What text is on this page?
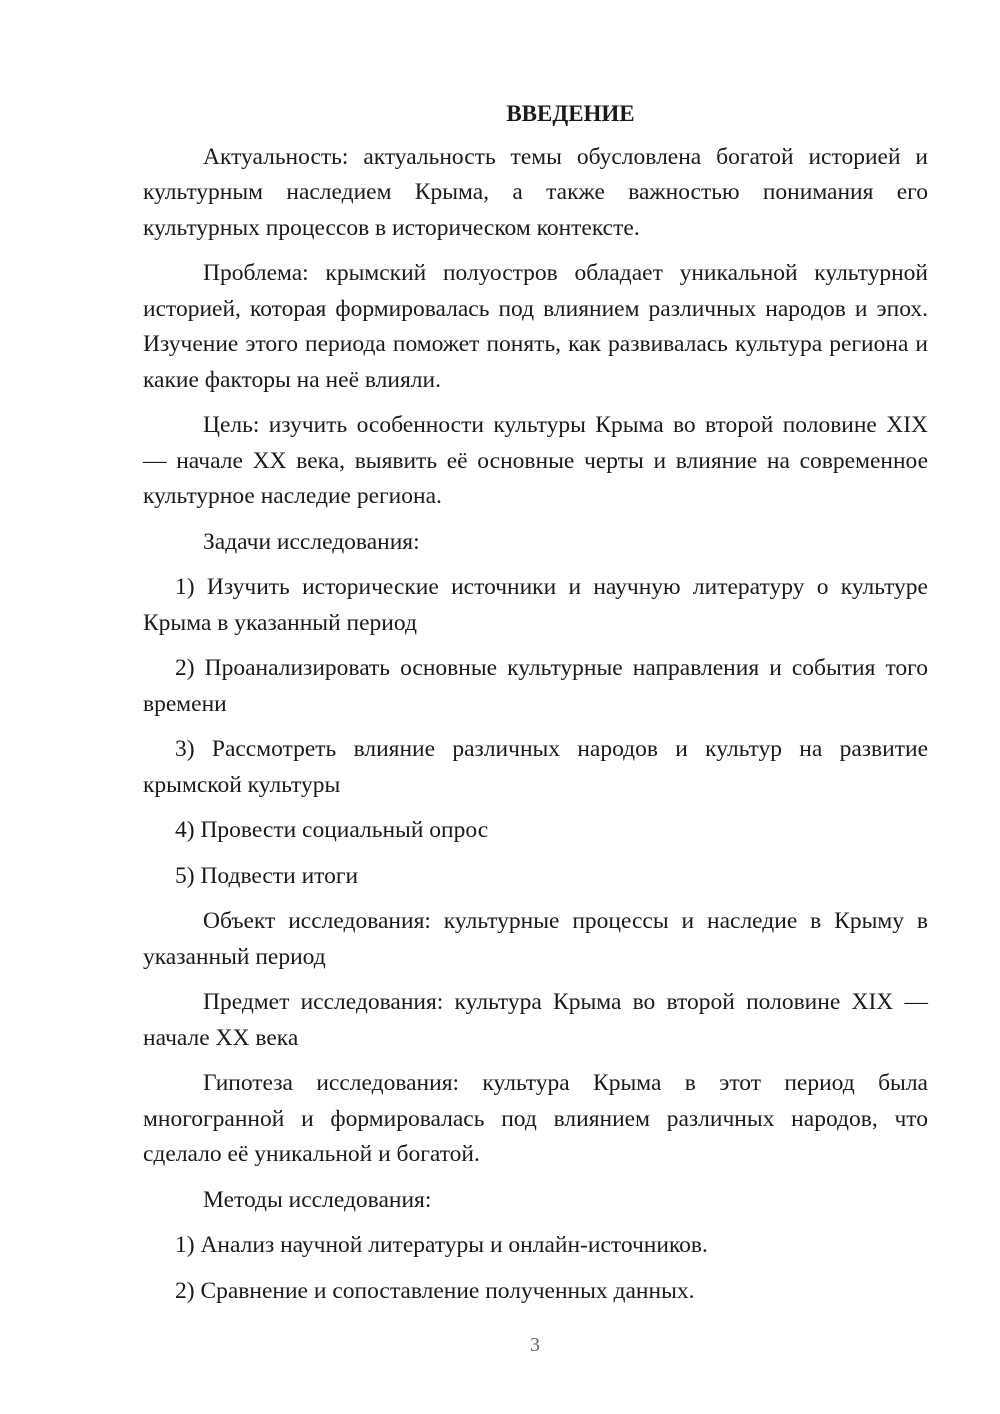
ВВЕДЕНИЕ

Актуальность: актуальность темы обусловлена богатой историей и культурным наследием Крыма, а также важностью понимания его культурных процессов в историческом контексте.

Проблема: крымский полуостров обладает уникальной культурной историей, которая формировалась под влиянием различных народов и эпох. Изучение этого периода поможет понять, как развивалась культура региона и какие факторы на неё влияли.

Цель: изучить особенности культуры Крыма во второй половине XIX — начале XX века, выявить её основные черты и влияние на современное культурное наследие региона.

Задачи исследования:

1) Изучить исторические источники и научную литературу о культуре Крыма в указанный период

2) Проанализировать основные культурные направления и события того времени

3) Рассмотреть влияние различных народов и культур на развитие крымской культуры

4) Провести социальный опрос

5) Подвести итоги

Объект исследования: культурные процессы и наследие в Крыму в указанный период

Предмет исследования: культура Крыма во второй половине XIX — начале XX века

Гипотеза исследования: культура Крыма в этот период была многогранной и формировалась под влиянием различных народов, что сделало её уникальной и богатой.

Методы исследования:

1) Анализ научной литературы и онлайн-источников.

2) Сравнение и сопоставление полученных данных.

3
